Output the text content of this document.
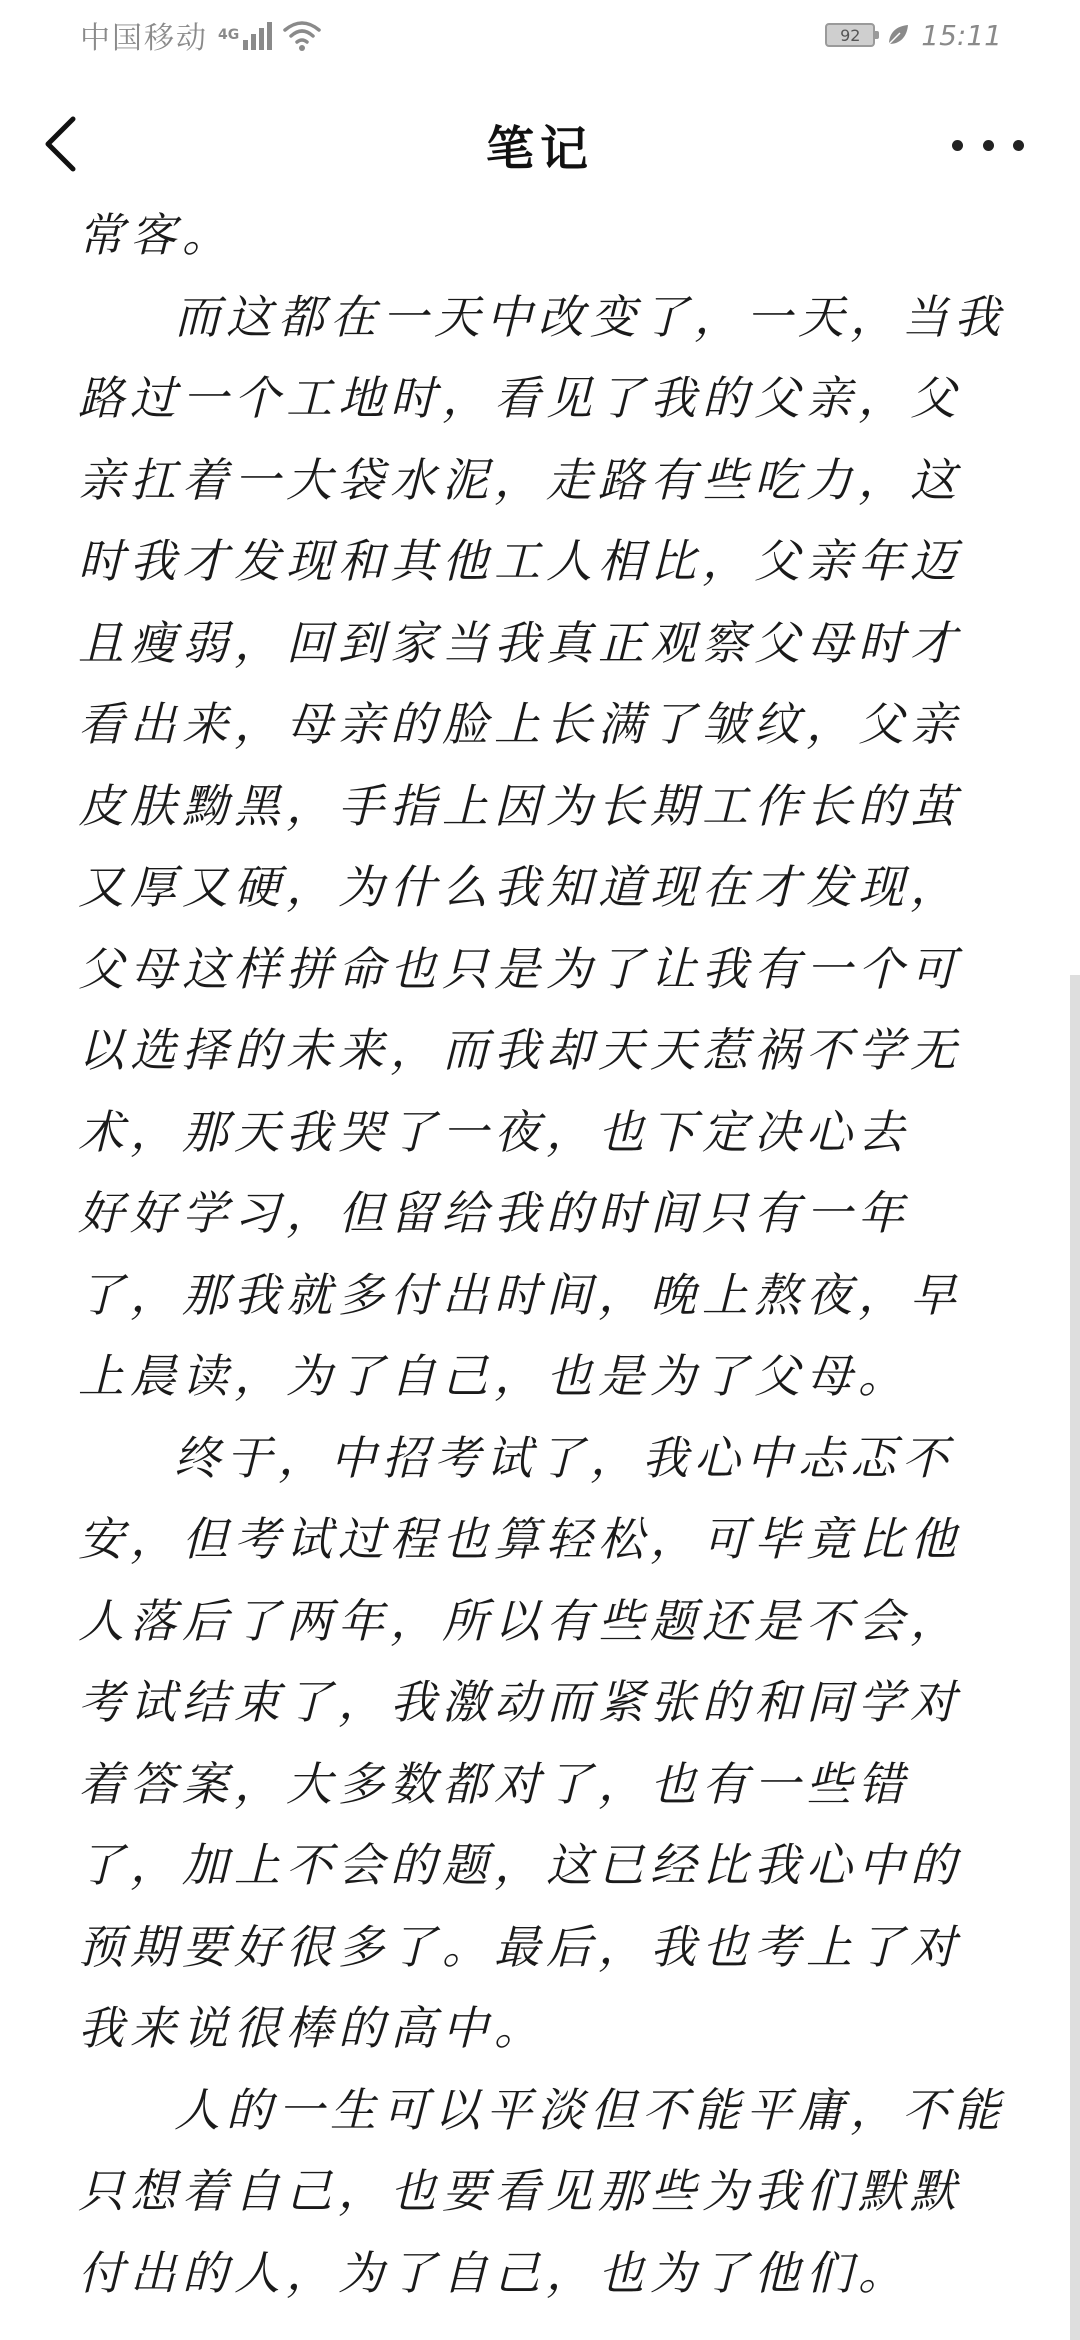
中国移动 4G	92 15:11
笔记
常客。
而这都在一天中改变了，一天，当我
路过一个工地时，看见了我的父亲，父
亲扛着一大袋水泥，走路有些吃力，这
时我才发现和其他工人相比，父亲年迈
且瘦弱，回到家当我真正观察父母时才
看出来，母亲的脸上长满了皱纹，父亲
皮肤黝黑，手指上因为长期工作长的茧
又厚又硬，为什么我知道现在才发现，
父母这样拼命也只是为了让我有一个可
以选择的未来，而我却天天惹祸不学无
术，那天我哭了一夜，也下定决心去
好好学习，但留给我的时间只有一年
了，那我就多付出时间，晚上熬夜，早
上晨读，为了自己，也是为了父母。
终于，中招考试了，我心中忐忑不
安，但考试过程也算轻松，可毕竟比他
人落后了两年，所以有些题还是不会，
考试结束了，我激动而紧张的和同学对
着答案，大多数都对了，也有一些错
了，加上不会的题，这已经比我心中的
预期要好很多了。最后，我也考上了对
我来说很棒的高中。
人的一生可以平淡但不能平庸，不能
只想着自己，也要看见那些为我们默默
付出的人，为了自己，也为了他们。
